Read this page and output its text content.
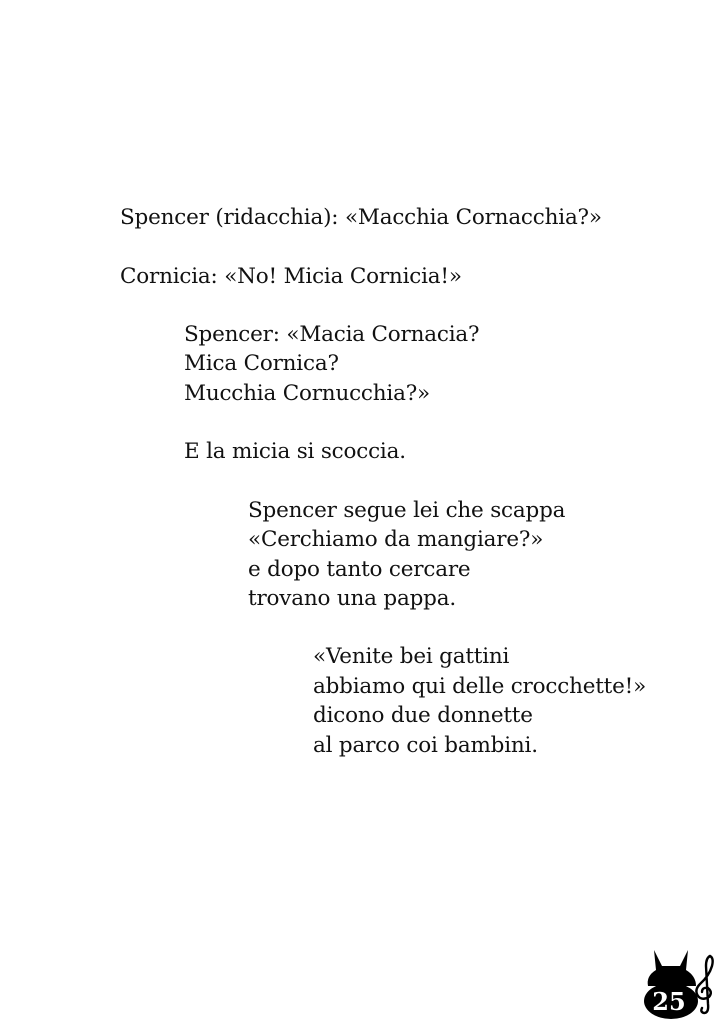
Spencer (ridacchia): «Macchia Cornacchia?»
Cornicia: «No! Micia Cornicia!»
Spencer: «Macia Cornacia?
Mica Cornica?
Mucchia Cornucchia?»
E la micia si scoccia.
Spencer segue lei che scappa
«Cerchiamo da mangiare?»
e dopo tanto cercare
trovano una pappa.
«Venite bei gattini
abbiamo qui delle crocchette!»
dicono due donnette
al parco coi bambini.
25
